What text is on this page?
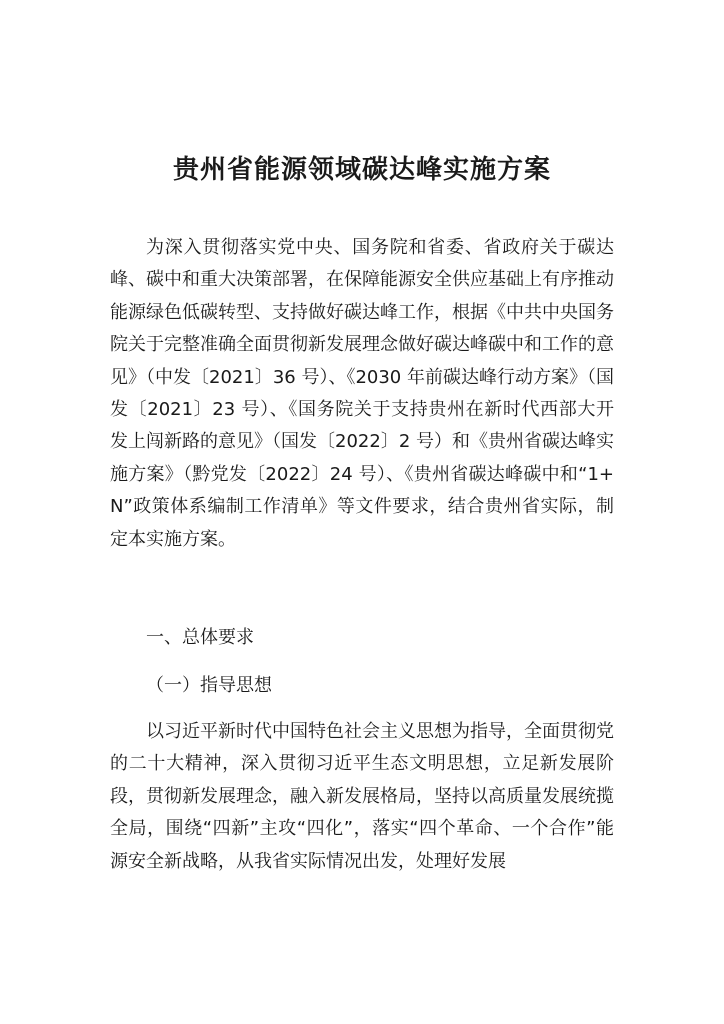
贵州省能源领域碳达峰实施方案

为深入贯彻落实党中央、国务院和省委、省政府关于碳达峰、碳中和重大决策部署，在保障能源安全供应基础上有序推动能源绿色低碳转型、支持做好碳达峰工作，根据《中共中央国务院关于完整准确全面贯彻新发展理念做好碳达峰碳中和工作的意见》（中发〔2021〕36 号）、《2030 年前碳达峰行动方案》（国发〔2021〕23 号）、《国务院关于支持贵州在新时代西部大开发上闯新路的意见》（国发〔2022〕2 号）和《贵州省碳达峰实施方案》（黔党发〔2022〕24 号）、《贵州省碳达峰碳中和“1+N”政策体系编制工作清单》等文件要求，结合贵州省实际，制定本实施方案。

一、总体要求

（一）指导思想

以习近平新时代中国特色社会主义思想为指导，全面贯彻党的二十大精神，深入贯彻习近平生态文明思想，立足新发展阶段，贯彻新发展理念，融入新发展格局，坚持以高质量发展统揽全局，围绕“四新”主攻“四化”，落实“四个革命、一个合作”能源安全新战略，从我省实际情况出发，处理好发展
